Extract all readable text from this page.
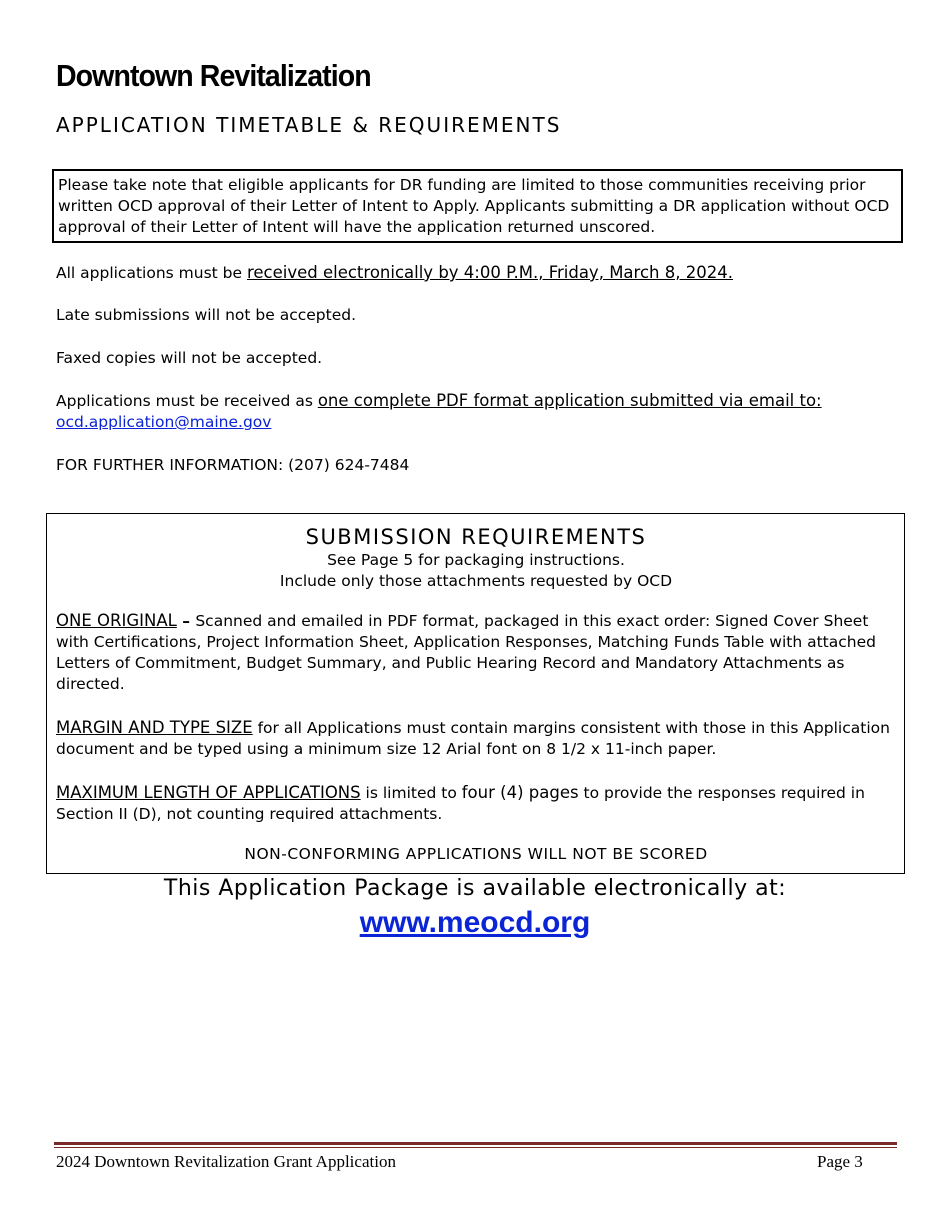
Downtown Revitalization
APPLICATION TIMETABLE & REQUIREMENTS
Please take note that eligible applicants for DR funding are limited to those communities receiving prior written OCD approval of their Letter of Intent to Apply. Applicants submitting a DR application without OCD approval of their Letter of Intent will have the application returned unscored.
All applications must be received electronically by 4:00 P.M., Friday, March 8, 2024.
Late submissions will not be accepted.
Faxed copies will not be accepted.
Applications must be received as one complete PDF format application submitted via email to:
ocd.application@maine.gov
FOR FURTHER INFORMATION: (207) 624-7484
SUBMISSION REQUIREMENTS
See Page 5 for packaging instructions.
Include only those attachments requested by OCD
ONE ORIGINAL – Scanned and emailed in PDF format, packaged in this exact order: Signed Cover Sheet with Certifications, Project Information Sheet, Application Responses, Matching Funds Table with attached Letters of Commitment, Budget Summary, and Public Hearing Record and Mandatory Attachments as directed.
MARGIN AND TYPE SIZE for all Applications must contain margins consistent with those in this Application document and be typed using a minimum size 12 Arial font on 8 1/2 x 11-inch paper.
MAXIMUM LENGTH OF APPLICATIONS is limited to four (4) pages to provide the responses required in Section II (D), not counting required attachments.
NON-CONFORMING APPLICATIONS WILL NOT BE SCORED
This Application Package is available electronically at:
www.meocd.org
2024 Downtown Revitalization Grant Application	Page 3
